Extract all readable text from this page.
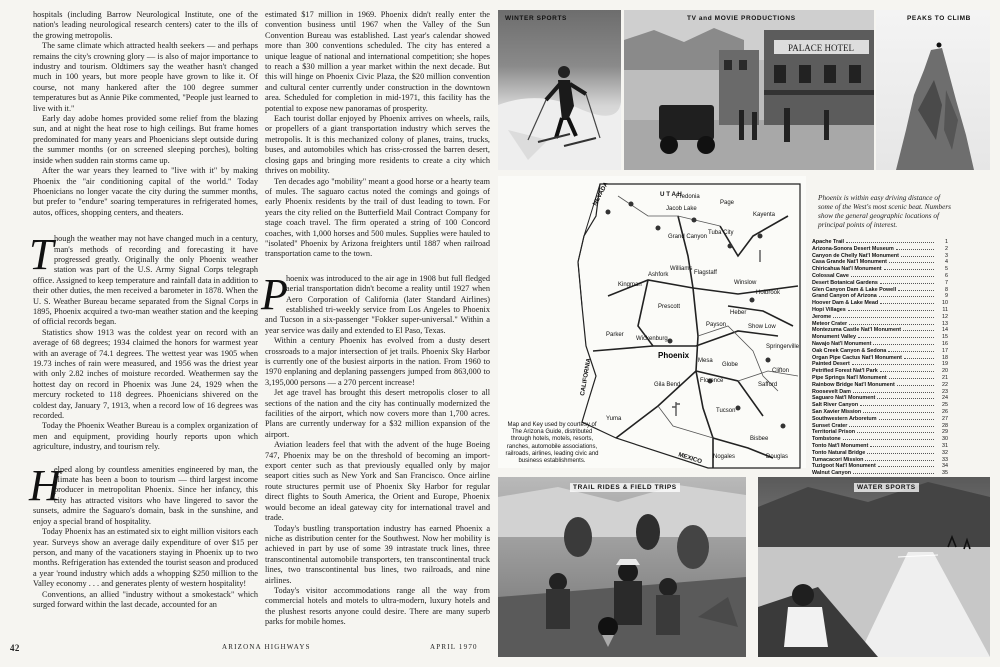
hospitals (including Barrow Neurological Institute, one of the nation's leading neurological research centers) cater to the ills of the growing metropolis.

The same climate which attracted health seekers — and perhaps remains the city's crowning glory — is also of major importance to industry and tourism. Oldtimers say the weather hasn't changed much in 100 years, but more people have grown to like it. Of course, not many hankered after the 100 degree summer temperatures but as Annie Pike commented, "People just learned to live with it."

Early day adobe homes provided some relief from the blazing sun, and at night the heat rose to high ceilings. But frame homes predominated for many years and Phoenicians slept outside during the summer months (or on screened sleeping porches), bolting inside when sudden rain storms came up.

After the war years they learned to "live with it" by making Phoenix the "air conditioning capital of the world." Today Phoenicians no longer vacate the city during the summer months, but prefer to "endure" soaring temperatures in refrigerated homes, autos, offices, shopping centers, and theaters.

Though the weather may not have changed much in a century, man's methods of recording and forecasting it have progressed greatly. Originally the only Phoenix weather station was part of the U.S. Army Signal Corps telegraph office. Assigned to keep temperature and rainfall data in addition to their other duties, the men received a barometer in 1878. When the U. S. Weather Bureau became separated from the Signal Corps in 1895, Phoenix acquired a two-man weather station and the keeping of official records began.

Statistics show 1913 was the coldest year on record with an average of 68 degrees; 1934 claimed the honors for warmest year with an average of 74.1 degrees. The wettest year was 1905 when 19.73 inches of rain were measured, and 1956 was the driest year with only 2.82 inches of moisture recorded. Weathermen say the hottest day on record in Phoenix was June 24, 1929 when the mercury rocketed to 118 degrees. Phoenicians shivered on the coldest day, January 7, 1913, when a record low of 16 degrees was recorded.

Today the Phoenix Weather Bureau is a complex organization of men and equipment, providing hourly reports upon which agriculture, industry, and tourism rely.

H
elped along by countless amenities engineered by man, the climate has been a boon to tourism — third largest income producer in metropolitan Phoenix. Since her infancy, this city has attracted visitors who have lingered to savor the sunsets, admire the Saguaro's domain, bask in the sunshine, and enjoy a special brand of hospitality.

Today Phoenix has an estimated six to eight million visitors each year. Surveys show an average daily expenditure of over $15 per person, and many of the vacationers staying in Phoenix up to two months. Refrigeration has extended the tourist season and produced a year 'round industry which adds a whopping $250 million to the Valley economy . . . and generates plenty of western hospitality!

Conventions, an allied "industry without a smokestack" which surged forward within the last decade, accounted for an

estimated $17 million in 1969. Phoenix didn't really enter the convention business until 1967 when the Valley of the Sun Convention Bureau was established. Last year's calendar showed more than 300 conventions scheduled. The city has entered a unique league of national and international competition; she hopes to reach a $30 million a year market within the next decade. But this will hinge on Phoenix Civic Plaza, the $20 million convention and cultural center currently under construction in the downtown area. Scheduled for completion in mid-1971, this facility has the potential to expose new panoramas of prosperity.

Each tourist dollar enjoyed by Phoenix arrives on wheels, rails, or propellers of a giant transportation industry which serves the metropolis. It is this mechanized colony of planes, trains, trucks, buses, and automobiles which has criss-crossed the barren desert, closing gaps and bringing more residents to create a city which thrives on mobility.

Ten decades ago "mobility" meant a good horse or a hearty team of mules. The saguaro cactus noted the comings and goings of early Phoenix residents by the trail of dust leading to town. For years the city relied on the Butterfield Mail Contract Company for stage coach travel. The firm operated a string of 100 Concord coaches, with 1,000 horses and 500 mules. Supplies were hauled to "isolated" Phoenix by Arizona freighters until 1887 when railroad transportation came to the town.

P
hoenix was introduced to the air age in 1908 but full fledged aerial transportation didn't become a reality until 1927 when Aero Corporation of California (later Standard Airlines) established tri-weekly service from Los Angeles to Phoenix and Tucson in a six-passenger "Fokker super-universal." Within a year service was daily and extended to El Paso, Texas.

Within a century Phoenix has evolved from a dusty desert crossroads to a major intersection of jet trails. Phoenix Sky Harbor is currently one of the busiest airports in the nation. From 1960 to 1970 enplaning and deplaning passengers jumped from 863,000 to 3,195,000 persons — a 270 percent increase!

Jet age travel has brought this desert metropolis closer to all sections of the nation and the city has continually modernized the facilities of the airport, which now covers more than 1,700 acres. Plans are currently underway for a $32 million expansion of the airport.

Aviation leaders feel that with the advent of the huge Boeing 747, Phoenix may be on the threshold of becoming an import-export center such as that previously equalled only by major seaport cities such as New York and San Francisco. Once airline route structures permit use of Phoenix Sky Harbor for regular direct flights to South America, the Orient and Europe, Phoenix would become an ideal gateway city for international travel and trade.

Today's bustling transportation industry has earned Phoenix a niche as distribution center for the Southwest. Now her mobility is achieved in part by use of some 39 intrastate truck lines, three transcontinental automobile transporters, ten transcontinental truck lines, two transcontinental bus lines, two railroads, and nine airlines.

Today's visitor accommodations range all the way from commercial hotels and motels to ultra-modern, luxury hotels and the plushest resorts anyone could desire. There are many superb parks for mobile homes.

42	ARIZONA HIGHWAYS	APRIL 1970
WINTER SPORTS
PALACE HOTEL
TV and MOVIE PRODUCTIONS	PEAKS TO CLIMB
U T A H
NEVADA
CALIFORNIA
MEXICO
Fredonia
Page
Kayenta
Jacob Lake
Grand Canyon
Tuba City
Kingman
Ashfork
Williams
Flagstaff
Winslow
Holbrook
Prescott
Heber
Show Low
Springerville
Parker
Wickenburg
Payson
Globe
Mesa
Florence
Gila Bend
Yuma
Safford
Clifton
Tucson
Bisbee
Nogales	Douglas
Phoenix
Map and Key used by courtesy of The Arizona Guide, distributed through hotels, motels, resorts, ranches, automobile associations, railroads, airlines, leading civic and business establishments.
Phoenix is within easy driving distance of some of the West's most scenic beat. Numbers show the general geographic locations of principal points of interest.
Apache Trail	1
Arizona-Sonora Desert Museum	2
Canyon de Chelly Nat'l Monument	3
Casa Grande Nat'l Monument	4
Chiricahua Nat'l Monument	5
Colossal Cave	6
Desert Botanical Gardens	7
Glen Canyon Dam & Lake Powell	8
Grand Canyon of Arizona	9
Hoover Dam & Lake Mead	10
Hopi Villages	11
Jerome	12
Meteor Crater	13
Montezuma Castle Nat'l Monument	14
Monument Valley	15
Navajo Nat'l Monument	16
Oak Creek Canyon & Sedona	17
Organ Pipe Cactus Nat'l Monument	18
Painted Desert	19
Petrified Forest Nat'l Park	20
Pipe Springs Nat'l Monument	21
Rainbow Bridge Nat'l Monument	22
Roosevelt Dam	23
Saguaro Nat'l Monument	24
Salt River Canyon	25
San Xavier Mission	26
Southwestern Arboretum	27
Sunset Crater	28
Territorial Prison	29
Tombstone	30
Tonto Nat'l Monument	31
Tonto Natural Bridge	32
Tumacacori Mission	33
Tuzigoot Nat'l Monument	34
Walnut Canyon	35
TRAIL RIDES & FIELD TRIPS	WATER SPORTS
